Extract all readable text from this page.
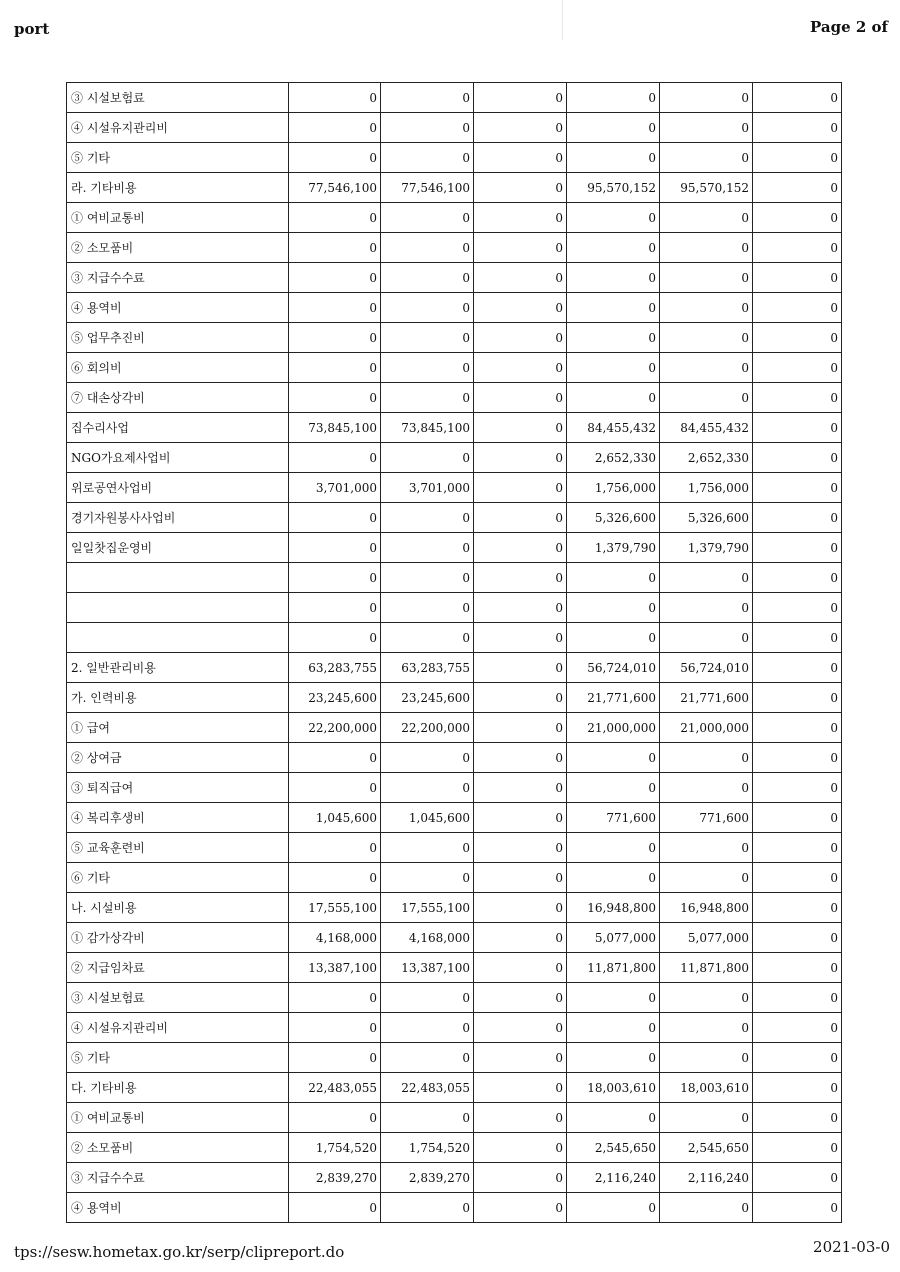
port	Page 2 of
③ 시설보험료	0	0	0	0	0	0
④ 시설유지관리비	0	0	0	0	0	0
⑤ 기타	0	0	0	0	0	0
라. 기타비용	77,546,100	77,546,100	0	95,570,152	95,570,152	0
① 여비교통비	0	0	0	0	0	0
② 소모품비	0	0	0	0	0	0
③ 지급수수료	0	0	0	0	0	0
④ 용역비	0	0	0	0	0	0
⑤ 업무추진비	0	0	0	0	0	0
⑥ 회의비	0	0	0	0	0	0
⑦ 대손상각비	0	0	0	0	0	0
집수리사업	73,845,100	73,845,100	0	84,455,432	84,455,432	0
NGO가요제사업비	0	0	0	2,652,330	2,652,330	0
위로공연사업비	3,701,000	3,701,000	0	1,756,000	1,756,000	0
경기자원봉사사업비	0	0	0	5,326,600	5,326,600	0
일일찻집운영비	0	0	0	1,379,790	1,379,790	0
	0	0	0	0	0	0
	0	0	0	0	0	0
	0	0	0	0	0	0
2. 일반관리비용	63,283,755	63,283,755	0	56,724,010	56,724,010	0
가. 인력비용	23,245,600	23,245,600	0	21,771,600	21,771,600	0
① 급여	22,200,000	22,200,000	0	21,000,000	21,000,000	0
② 상여금	0	0	0	0	0	0
③ 퇴직급여	0	0	0	0	0	0
④ 복리후생비	1,045,600	1,045,600	0	771,600	771,600	0
⑤ 교육훈련비	0	0	0	0	0	0
⑥ 기타	0	0	0	0	0	0
나. 시설비용	17,555,100	17,555,100	0	16,948,800	16,948,800	0
① 감가상각비	4,168,000	4,168,000	0	5,077,000	5,077,000	0
② 지급임차료	13,387,100	13,387,100	0	11,871,800	11,871,800	0
③ 시설보험료	0	0	0	0	0	0
④ 시설유지관리비	0	0	0	0	0	0
⑤ 기타	0	0	0	0	0	0
다. 기타비용	22,483,055	22,483,055	0	18,003,610	18,003,610	0
① 여비교통비	0	0	0	0	0	0
② 소모품비	1,754,520	1,754,520	0	2,545,650	2,545,650	0
③ 지급수수료	2,839,270	2,839,270	0	2,116,240	2,116,240	0
④ 용역비	0	0	0	0	0	0
tps://sesw.hometax.go.kr/serp/clipreport.do	2021-03-0
